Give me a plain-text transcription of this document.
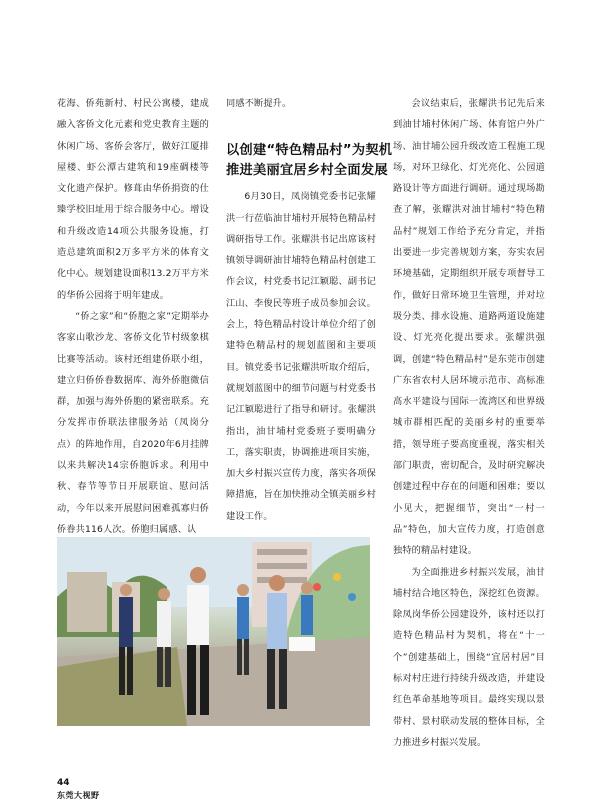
花海、侨苑新村、村民公寓楼，建成融入客侨文化元素和党史教育主题的休闲广场、客侨会客厅，做好江厦排屋楼、虾公潭古建筑和19座碉楼等文化遗产保护。修葺由华侨捐资的仕臻学校旧址用于综合服务中心。增设和升级改造14项公共服务设施，打造总建筑面积2万多平方米的体育文化中心。规划建设面积13.2万平方米的华侨公园将于明年建成。

“侨之家”和“侨胞之家”定期举办客家山歌沙龙、客侨文化节村级象棋比赛等活动。该村还组建侨联小组，建立归侨侨眷数据库、海外侨胞微信群，加强与海外侨胞的紧密联系。充分发挥市侨联法律服务站（凤岗分点）的阵地作用，自2020年6月挂牌以来共解决14宗侨胞诉求。利用中秋、春节等节日开展联谊、慰问活动，今年以来开展慰问困难孤寡归侨侨眷共116人次。侨胞归属感、认

同感不断提升。

6月30日，凤岗镇党委书记张耀洪一行莅临油甘埔村开展特色精品村调研指导工作。张耀洪书记出席该村镇领导调研油甘埔特色精品村创建工作会议，村党委书记江颖聪、副书记江山、李俊民等班子成员参加会议。会上，特色精品村设计单位介绍了创建特色精品村的规划蓝图和主要项目。镇党委书记张耀洪听取介绍后，就规划蓝图中的细节问题与村党委书记江颖聪进行了指导和研讨。张耀洪指出，油甘埔村党委班子要明确分工，落实职责，协调推进项目实施，加大乡村振兴宣传力度，落实各项保障措施，旨在加快推动全镇美丽乡村建设工作。

以创建“特色精品村”为契机
推进美丽宜居乡村全面发展

会议结束后，张耀洪书记先后来到油甘埔村休闲广场、体育馆户外广场、油甘埔公园升级改造工程施工现场，对环卫绿化、灯光亮化、公园道路设计等方面进行调研。通过现场勘查了解，张耀洪对油甘埔村“特色精品村”规划工作给予充分肯定，并指出要进一步完善规划方案，夯实农居环境基础，定期组织开展专项督导工作，做好日常环境卫生管理，并对垃圾分类、排水设施、道路两道设施建设、灯光亮化提出要求。张耀洪强调，创建“特色精品村”是东莞市创建广东省农村人居环境示范市、高标准高水平建设与国际一流湾区和世界级城市群相匹配的美丽乡村的重要举措，领导班子要高度重视，落实相关部门职责，密切配合，及时研究解决创建过程中存在的问题和困难；要以小见大，把握细节，突出“一村一品”特色，加大宣传力度，打造创意独特的精品村建设。

为全面推进乡村振兴发展，油甘埔村结合地区特色，深挖红色资源。除凤岗华侨公园建设外，该村还以打造特色精品村为契机，将在“十一个”创建基础上，围绕“宜居村居”目标对村庄进行持续升级改造，并建设红色革命基地等项目。最终实现以景带村、景村联动发展的整体目标，全力推进乡村振兴发展。

44
东莞大视野
